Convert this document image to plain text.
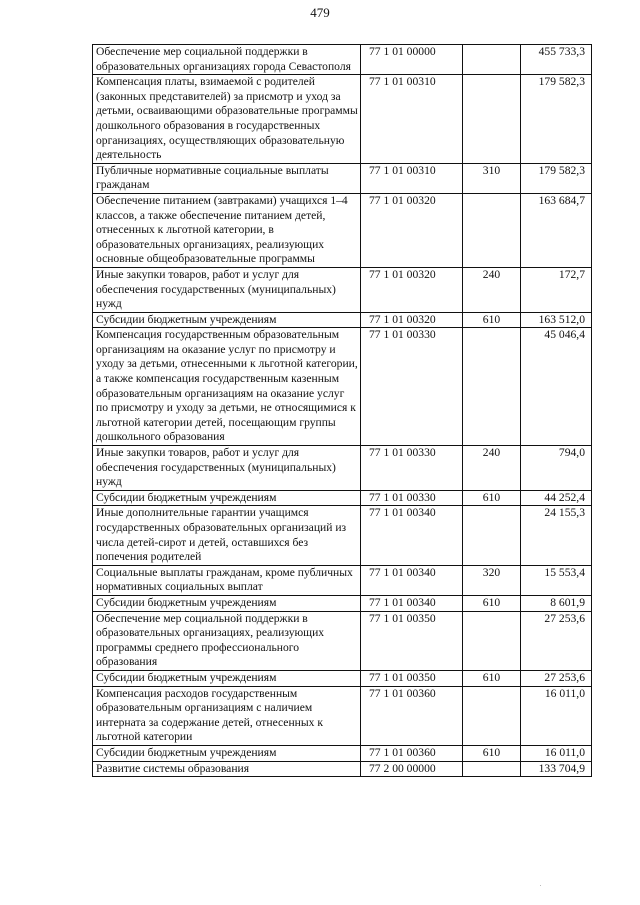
479
Обеспечение мер социальной поддержки в образовательных организациях города Севастополя	77 1 01 00000		455 733,3
Компенсация платы, взимаемой с родителей (законных представителей) за присмотр и уход за детьми, осваивающими образовательные программы дошкольного образования в государственных организациях, осуществляющих образовательную деятельность	77 1 01 00310		179 582,3
Публичные нормативные социальные выплаты гражданам	77 1 01 00310	310	179 582,3
Обеспечение питанием (завтраками) учащихся 1–4 классов, а также обеспечение питанием детей, отнесенных к льготной категории, в образовательных организациях, реализующих основные общеобразовательные программы	77 1 01 00320		163 684,7
Иные закупки товаров, работ и услуг для обеспечения государственных (муниципальных) нужд	77 1 01 00320	240	172,7
Субсидии бюджетным учреждениям	77 1 01 00320	610	163 512,0
Компенсация государственным образовательным организациям на оказание услуг по присмотру и уходу за детьми, отнесенными к льготной категории, а также компенсация государственным казенным образовательным организациям на оказание услуг по присмотру и уходу за детьми, не относящимися к льготной категории детей, посещающим группы дошкольного образования	77 1 01 00330		45 046,4
Иные закупки товаров, работ и услуг для обеспечения государственных (муниципальных) нужд	77 1 01 00330	240	794,0
Субсидии бюджетным учреждениям	77 1 01 00330	610	44 252,4
Иные дополнительные гарантии учащимся государственных образовательных организаций из числа детей-сирот и детей, оставшихся без попечения родителей	77 1 01 00340		24 155,3
Социальные выплаты гражданам, кроме публичных нормативных социальных выплат	77 1 01 00340	320	15 553,4
Субсидии бюджетным учреждениям	77 1 01 00340	610	8 601,9
Обеспечение мер социальной поддержки в образовательных организациях, реализующих программы среднего профессионального образования	77 1 01 00350		27 253,6
Субсидии бюджетным учреждениям	77 1 01 00350	610	27 253,6
Компенсация расходов государственным образовательным организациям с наличием интерната за содержание детей, отнесенных к льготной категории	77 1 01 00360		16 011,0
Субсидии бюджетным учреждениям	77 1 01 00360	610	16 011,0
Развитие системы образования	77 2 00 00000		133 704,9
